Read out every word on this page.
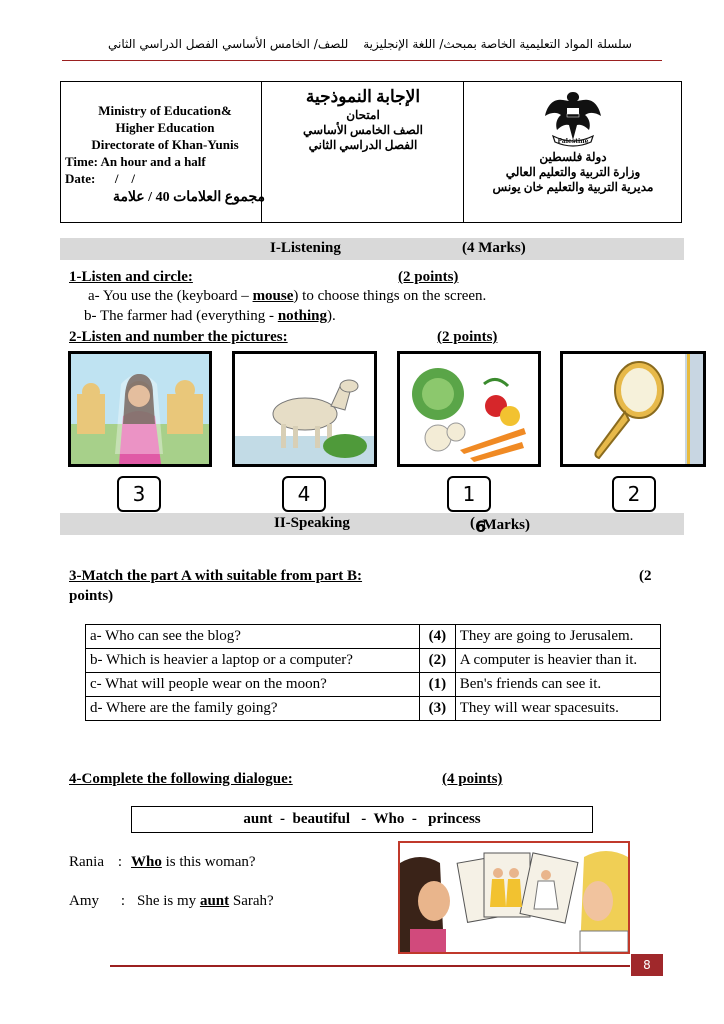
للصف/ الخامس الأساسي الفصل الدراسي الثاني سلسلة المواد التعليمية الخاصة بمبحث/ اللغة الإنجليزية
Ministry of Education&
Higher Education
Directorate of Khan-Yunis
Time: An hour and a half
Date:      /    /
مجموع العلامات 40 / علامة
الإجابة النموذجية
امتحان
الصف الخامس الأساسي
الفصل الدراسي الثاني	Palestine
دولة فلسطين
وزارة التربية والتعليم العالي
مديرية التربية والتعليم خان يونس
I-Listening	(4 Marks)
1-Listen and circle:	(2 points)
a- You use the (keyboard – mouse) to choose things on the screen.
b- The farmer had (everything - nothing).
2-Listen and number the pictures:	(2 points)
3	4	1	2
II-Speaking	( 6

Marks)
3-Match the part A with suitable from part B:	(2
points)
a- Who can see the blog?	(4)	They are going to Jerusalem.
b- Which is heavier a laptop or a computer?	(2)	A computer is heavier than it.
c- What will people wear on the moon?	(1)	Ben's friends can see it.
d- Where are the family going?	(3)	They will wear spacesuits.
4-Complete the following dialogue:	(4 points)
aunt  -  beautiful   -  Who  -   princess
Rania : Who is this woman?
Amy : She is my aunt Sarah?
8
